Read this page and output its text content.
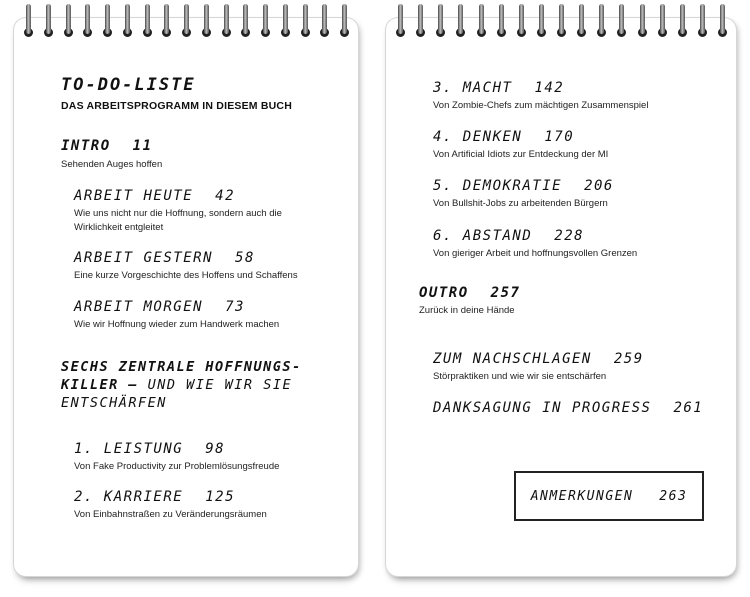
TO-DO-LISTE
DAS ARBEITSPROGRAMM IN DIESEM BUCH
INTRO 11
Sehenden Auges hoffen
ARBEIT HEUTE 42
Wie uns nicht nur die Hoffnung, sondern auch die Wirklichkeit entgleitet
ARBEIT GESTERN 58
Eine kurze Vorgeschichte des Hoffens und Schaffens
ARBEIT MORGEN 73
Wie wir Hoffnung wieder zum Handwerk machen
SECHS ZENTRALE HOFFNUNGS-
KILLER – UND WIE WIR SIE
ENTSCHÄRFEN
1. LEISTUNG 98
Von Fake Productivity zur Problemlösungsfreude
2. KARRIERE 125
Von Einbahnstraßen zu Veränderungsräumen
3. MACHT 142
Von Zombie-Chefs zum mächtigen Zusammenspiel
4. DENKEN 170
Von Artificial Idiots zur Entdeckung der MI
5. DEMOKRATIE 206
Von Bullshit-Jobs zu arbeitenden Bürgern
6. ABSTAND 228
Von gieriger Arbeit und hoffnungsvollen Grenzen
OUTRO 257
Zurück in deine Hände
ZUM NACHSCHLAGEN 259
Störpraktiken und wie wir sie entschärfen
DANKSAGUNG IN PROGRESS 261
ANMERKUNGEN 263
